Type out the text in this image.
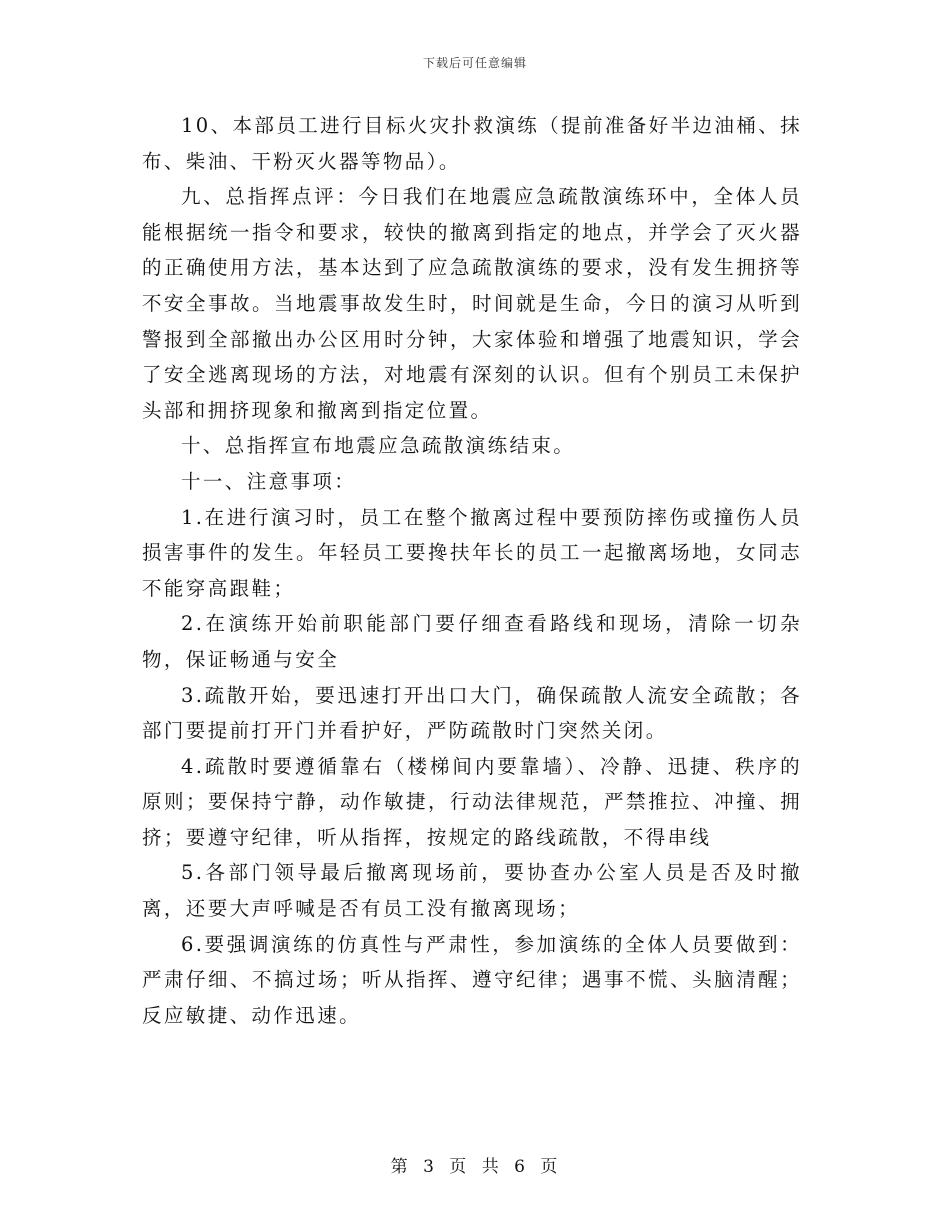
下载后可任意编辑

10、本部员工进行目标火灾扑救演练（提前准备好半边油桶、抹布、柴油、干粉灭火器等物品）。

九、总指挥点评：今日我们在地震应急疏散演练环中，全体人员能根据统一指令和要求，较快的撤离到指定的地点，并学会了灭火器的正确使用方法，基本达到了应急疏散演练的要求，没有发生拥挤等不安全事故。当地震事故发生时，时间就是生命，今日的演习从听到警报到全部撤出办公区用时分钟，大家体验和增强了地震知识，学会了安全逃离现场的方法，对地震有深刻的认识。但有个别员工未保护头部和拥挤现象和撤离到指定位置。

十、总指挥宣布地震应急疏散演练结束。

十一、注意事项：

1.在进行演习时，员工在整个撤离过程中要预防摔伤或撞伤人员损害事件的发生。年轻员工要搀扶年长的员工一起撤离场地，女同志不能穿高跟鞋；

2.在演练开始前职能部门要仔细查看路线和现场，清除一切杂物，保证畅通与安全

3.疏散开始，要迅速打开出口大门，确保疏散人流安全疏散；各部门要提前打开门并看护好，严防疏散时门突然关闭。

4.疏散时要遵循靠右（楼梯间内要靠墙）、冷静、迅捷、秩序的原则；要保持宁静，动作敏捷，行动法律规范，严禁推拉、冲撞、拥挤；要遵守纪律，听从指挥，按规定的路线疏散，不得串线

5.各部门领导最后撤离现场前，要协查办公室人员是否及时撤离，还要大声呼喊是否有员工没有撤离现场；

6.要强调演练的仿真性与严肃性，参加演练的全体人员要做到：严肃仔细、不搞过场；听从指挥、遵守纪律；遇事不慌、头脑清醒；反应敏捷、动作迅速。

第 3 页 共 6 页
